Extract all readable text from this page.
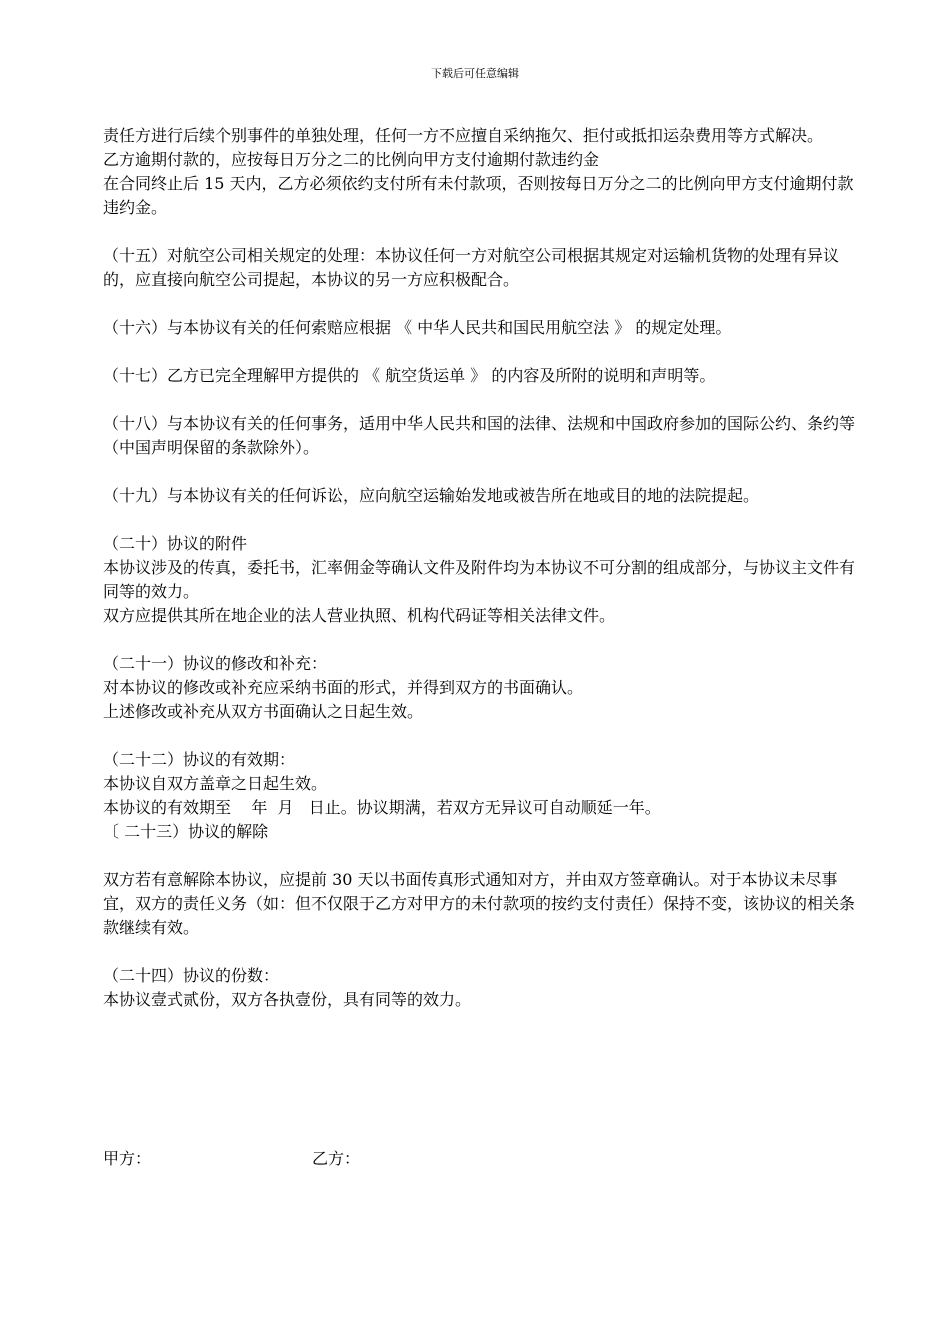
下载后可任意编辑

责任方进行后续个别事件的单独处理，任何一方不应擅自采纳拖欠、拒付或抵扣运杂费用等方式解决。

乙方逾期付款的，应按每日万分之二的比例向甲方支付逾期付款违约金

在合同终止后 15 天内，乙方必须依约支付所有未付款项，否则按每日万分之二的比例向甲方支付逾期付款违约金。

（十五）对航空公司相关规定的处理：本协议任何一方对航空公司根据其规定对运输机货物的处理有异议的，应直接向航空公司提起，本协议的另一方应积极配合。

（十六）与本协议有关的任何索赔应根据 《 中华人民共和国民用航空法 》 的规定处理。

（十七）乙方已完全理解甲方提供的 《 航空货运单 》 的内容及所附的说明和声明等。

（十八）与本协议有关的任何事务，适用中华人民共和国的法律、法规和中国政府参加的国际公约、条约等（中国声明保留的条款除外）。

（十九）与本协议有关的任何诉讼，应向航空运输始发地或被告所在地或目的地的法院提起。

（二十）协议的附件

本协议涉及的传真，委托书，汇率佣金等确认文件及附件均为本协议不可分割的组成部分，与协议主文件有同等的效力。

双方应提供其所在地企业的法人营业执照、机构代码证等相关法律文件。

（二十一）协议的修改和补充：

对本协议的修改或补充应采纳书面的形式，并得到双方的书面确认。

上述修改或补充从双方书面确认之日起生效。

（二十二）协议的有效期：

本协议自双方盖章之日起生效。

本协议的有效期至    年  月   日止。协议期满，若双方无异议可自动顺延一年。

〔 二十三）协议的解除

双方若有意解除本协议，应提前 30 天以书面传真形式通知对方，并由双方签章确认。对于本协议未尽事宜，双方的责任义务（如：但不仅限于乙方对甲方的未付款项的按约支付责任）保持不变，该协议的相关条款继续有效。

（二十四）协议的份数：

本协议壹式贰份，双方各执壹份，具有同等的效力。

甲方：	乙方：
